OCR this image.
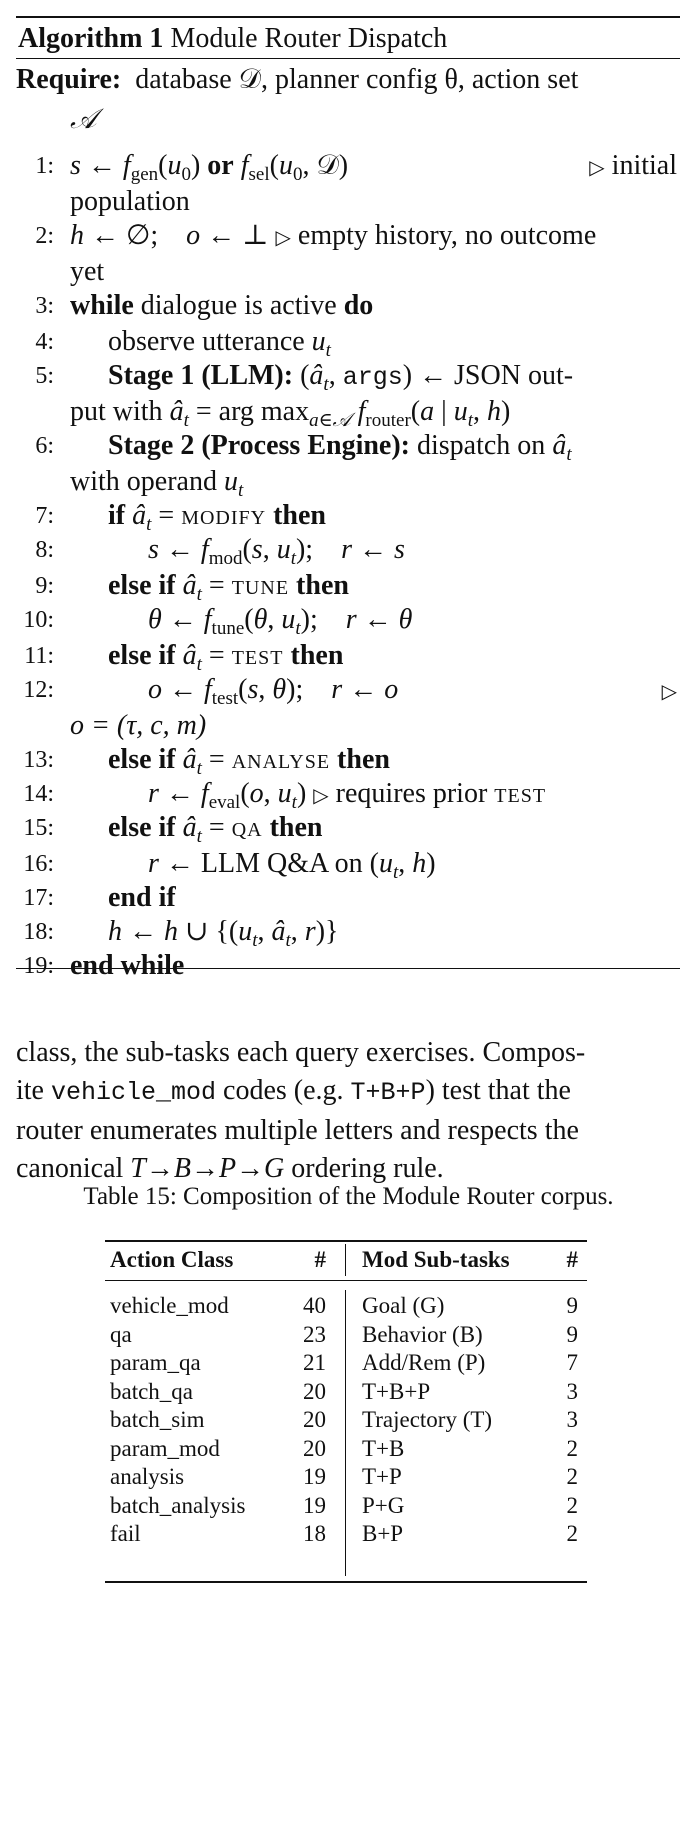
Algorithm 1 Module Router Dispatch
Require: database 𝒟, planner config θ, action set
𝒜
1: s ← $f_{gen}(u_0)$ or $f_{sel}(u_0$, 𝒟)	▷ initial
population
2: h ← ∅;    o ← ⊥ ▷ empty history, no outcome
yet
3: while dialogue is active do
4: observe utterance $u_t$
5: Stage 1 (LLM): ($â_t$, args) ← JSON out-
put with $â_t$ = arg $\max_{a\in 𝒜} f_{router}(a$ | $u_t$, h)
6: Stage 2 (Process Engine): dispatch on $â_t$
with operand $u_t$
7: if $â_t$ = MODIFY then
8:	s ← $f_{mod}(s$, $u_t$);    r ← s
9: else if $â_t$ = TUNE then
10:	θ ← $f_{tune}(\theta$, $u_t$);    r ← θ
11: else if $â_t$ = TEST then
12:	o ← $f_{test}(s$, θ);    r ← o	▷
o = (τ, c, m)
13: else if $â_t$ = ANALYSE then
14:	r ← $f_{eval}(o$, $u_t$) ▷ requires prior TEST
15: else if $â_t$ = QA then
16:	r ← LLM Q&A on ($u_t$, h)
17: end if
18: h ← h ∪ {($u_t$, $â_t$, r)}
19: end while
class, the sub-tasks each query exercises. Compos-
ite vehicle_mod codes (e.g. T+B+P) test that the
router enumerates multiple letters and respects the
canonical T→B→P→G ordering rule.
Table 15: Composition of the Module Router corpus.
Action Class	# Mod Sub-tasks	#
vehicle_mod	40 Goal (G)	9
qa	23 Behavior (B)	9
param_qa	21 Add/Rem (P)	7
batch_qa	20 T+B+P	3
batch_sim	20 Trajectory (T)	3
param_mod	20 T+B	2
analysis	19 T+P	2
batch_analysis	19 P+G	2
fail	18 B+P	2
